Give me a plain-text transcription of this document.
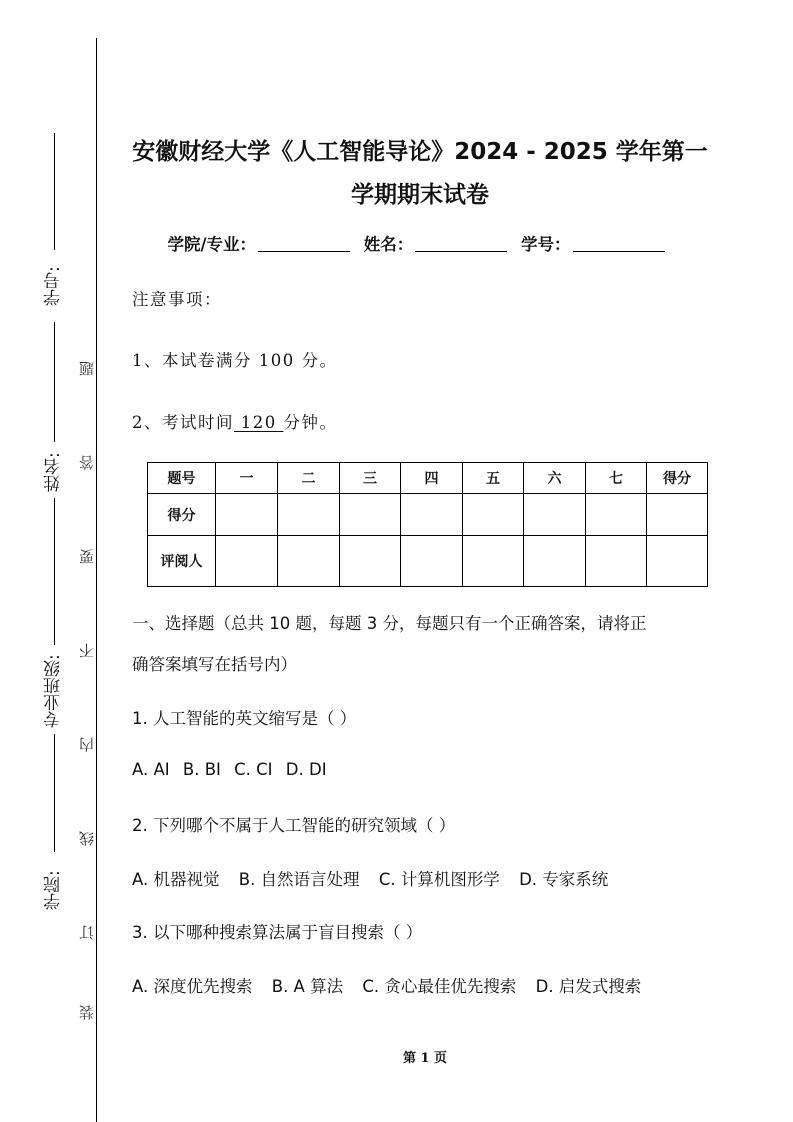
学号:
姓名:
专业班级:
学院:
题
答
要
不
内
线
订
装
安徽财经大学《人工智能导论》2024 - 2025 学年第一
学期期末试卷
学院/专业：	姓名：	学号：
注意事项：
1、本试卷满分 100 分。
2、考试时间 120 分钟。
题号	一	二	三	四	五	六	七	得分
得分								
评阅人								
一、选择题（总共 10 题，每题 3 分，每题只有一个正确答案，请将正
确答案填写在括号内）
1. 人工智能的英文缩写是（ ）
A. AI B. BI C. CI D. DI
2. 下列哪个不属于人工智能的研究领域（ ）
A. 机器视觉 B. 自然语言处理 C. 计算机图形学 D. 专家系统
3. 以下哪种搜索算法属于盲目搜索（ ）
A. 深度优先搜索 B. A 算法 C. 贪心最佳优先搜索 D. 启发式搜索
第 1 页
